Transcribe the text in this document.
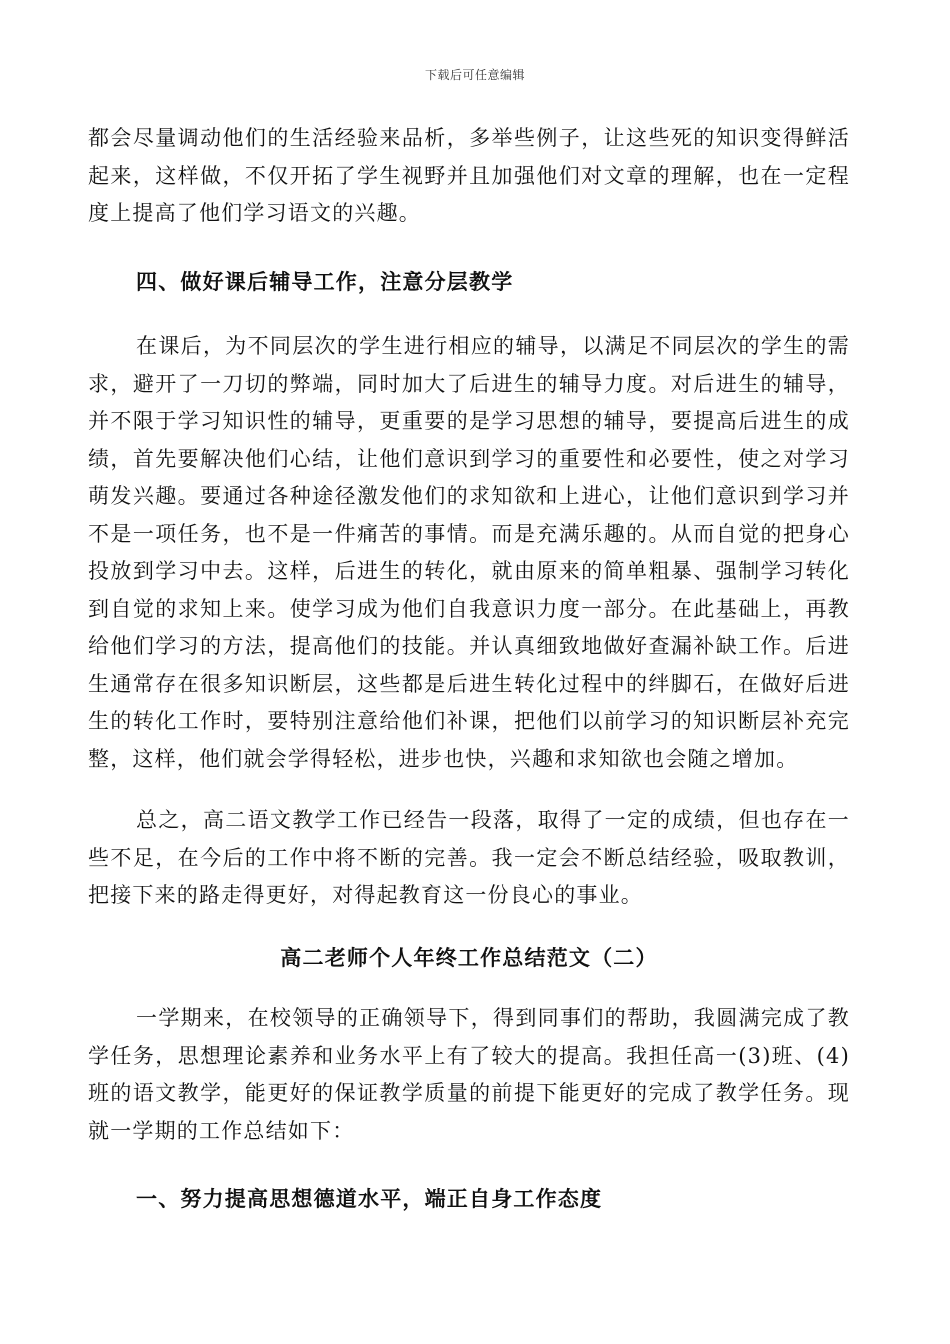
下载后可任意编辑

都会尽量调动他们的生活经验来品析，多举些例子，让这些死的知识变得鲜活起来，这样做，不仅开拓了学生视野并且加强他们对文章的理解，也在一定程度上提高了他们学习语文的兴趣。

四、做好课后辅导工作，注意分层教学

在课后，为不同层次的学生进行相应的辅导，以满足不同层次的学生的需求，避开了一刀切的弊端，同时加大了后进生的辅导力度。对后进生的辅导，并不限于学习知识性的辅导，更重要的是学习思想的辅导，要提高后进生的成绩，首先要解决他们心结，让他们意识到学习的重要性和必要性，使之对学习萌发兴趣。要通过各种途径激发他们的求知欲和上进心，让他们意识到学习并不是一项任务，也不是一件痛苦的事情。而是充满乐趣的。从而自觉的把身心投放到学习中去。这样，后进生的转化，就由原来的简单粗暴、强制学习转化到自觉的求知上来。使学习成为他们自我意识力度一部分。在此基础上，再教给他们学习的方法，提高他们的技能。并认真细致地做好查漏补缺工作。后进生通常存在很多知识断层，这些都是后进生转化过程中的绊脚石，在做好后进生的转化工作时，要特别注意给他们补课，把他们以前学习的知识断层补充完整，这样，他们就会学得轻松，进步也快，兴趣和求知欲也会随之增加。

总之，高二语文教学工作已经告一段落，取得了一定的成绩，但也存在一些不足，在今后的工作中将不断的完善。我一定会不断总结经验，吸取教训，把接下来的路走得更好，对得起教育这一份良心的事业。

高二老师个人年终工作总结范文（二）

一学期来，在校领导的正确领导下，得到同事们的帮助，我圆满完成了教学任务，思想理论素养和业务水平上有了较大的提高。我担任高一(3)班、(4)班的语文教学，能更好的保证教学质量的前提下能更好的完成了教学任务。现就一学期的工作总结如下：

一、努力提高思想德道水平，端正自身工作态度
